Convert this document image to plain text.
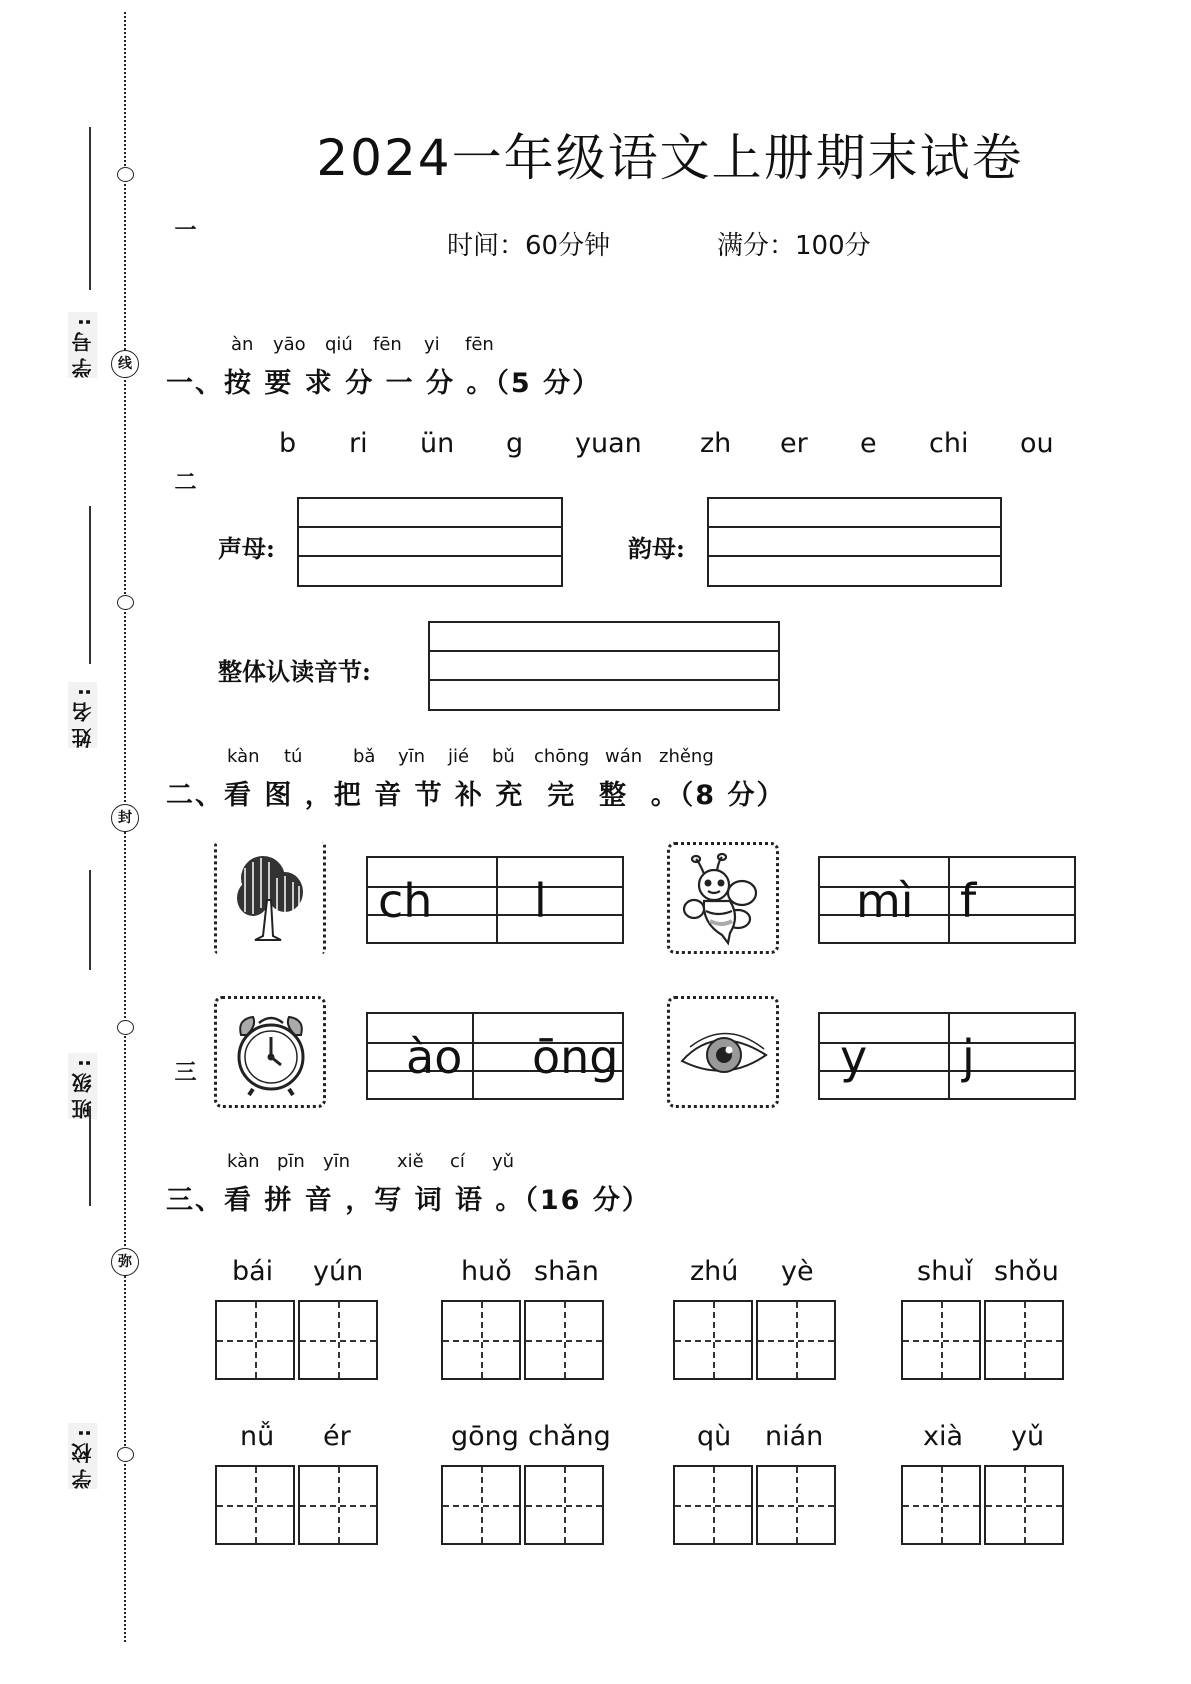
线
封
弥
学号:
姓名:
班级:
学校:
一
二
三
2024一年级语文上册期末试卷
时间：60分钟	满分：100分
àn yāo qiú fēn yi fēn
一、按 要 求 分 一 分 。（5 分）
b ri ün g yuan zh er e chi ou
声母:	韵母:
整体认读音节:
kàn tú	bǎ yīn jié bǔ chōng wán zhěng
二、看 图 ，把 音 节 补 充  完  整  。（8 分）
ch l	mì f
ào ōng	y j
kàn pīn yīn	xiě cí yǔ
三、看 拼 音 ，写 词 语 。（16 分）
bái yún	huǒ shān	zhú yè	shuǐ shǒu
nǚ ér	gōng chǎng	qù nián	xià yǔ
